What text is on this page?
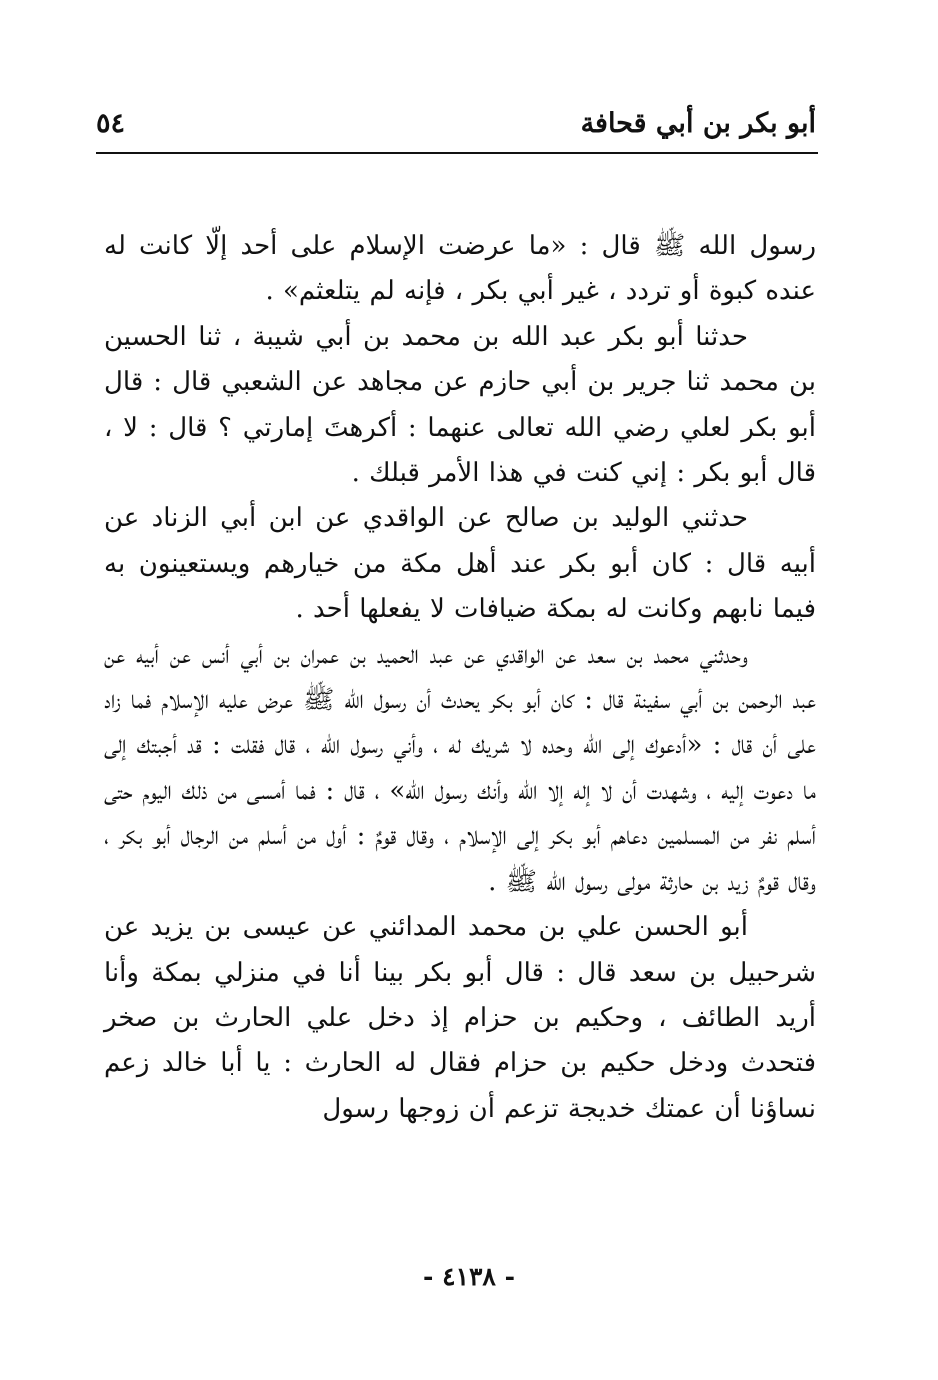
أبو بكر بن أبي قحافة
٥٤

رسول الله ﷺ قال : «ما عرضت الإسلام على أحد إلّا كانت له عنده كبوة أو تردد ، غير أبي بكر ، فإنه لم يتلعثم» .

حدثنا أبو بكر عبد الله بن محمد بن أبي شيبة ، ثنا الحسين بن محمد ثنا جرير بن أبي حازم عن مجاهد عن الشعبي قال : قال أبو بكر لعلي رضي الله تعالى عنهما : أكرهتَ إمارتي ؟ قال : لا ، قال أبو بكر : إني كنت في هذا الأمر قبلك .

حدثني الوليد بن صالح عن الواقدي عن ابن أبي الزناد عن أبيه قال : كان أبو بكر عند أهل مكة من خيارهم ويستعينون به فيما نابهم وكانت له بمكة ضيافات لا يفعلها أحد .

وحدثني محمد بن سعد عن الواقدي عن عبد الحميد بن عمران بن أبي أنس عن أبيه عن عبد الرحمن بن أبي سفينة قال : كان أبو بكر يحدث أن رسول الله ﷺ عرض عليه الإسلام فما زاد على أن قال : «أدعوك إلى الله وحده لا شريك له ، وأني رسول الله ، قال فقلت : قد أجبتك إلى ما دعوت إليه ، وشهدت أن لا إله إلا الله وأنك رسول الله» ، قال : فما أمسى من ذلك اليوم حتى أسلم نفر من المسلمين دعاهم أبو بكر إلى الإسلام ، وقال قومٌ : أول من أسلم من الرجال أبو بكر ، وقال قومٌ زيد بن حارثة مولى رسول الله ﷺ .

أبو الحسن علي بن محمد المدائني عن عيسى بن يزيد عن شرحبيل بن سعد قال : قال أبو بكر بينا أنا في منزلي بمكة وأنا أريد الطائف ، وحكيم بن حزام إذ دخل علي الحارث بن صخر فتحدث ودخل حكيم بن حزام فقال له الحارث : يا أبا خالد زعم نساؤنا أن عمتك خديجة تزعم أن زوجها رسول

- ٤١٣٨ -
